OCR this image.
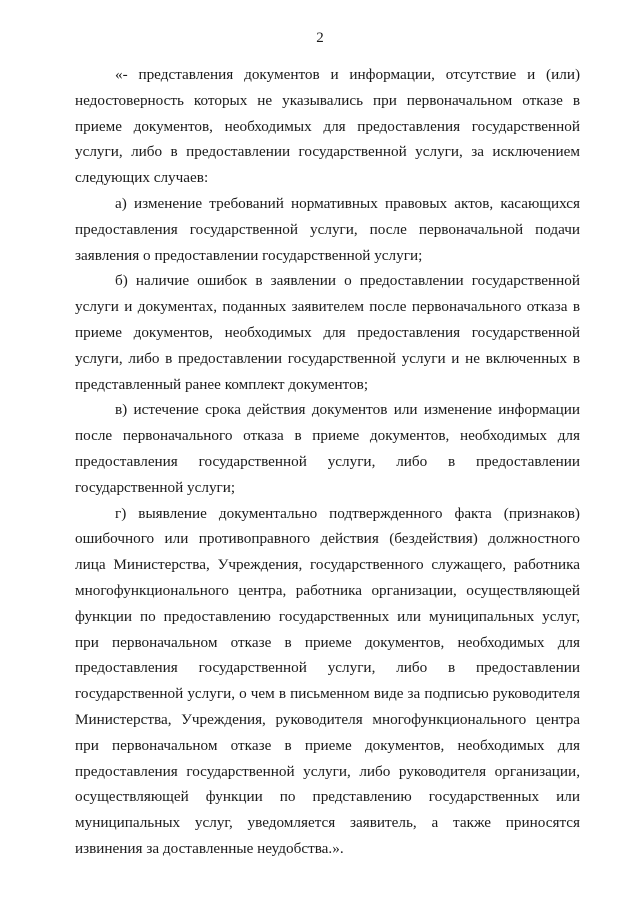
2

«- представления документов и информации, отсутствие и (или) недостоверность которых не указывались при первоначальном отказе в приеме документов, необходимых для предоставления государственной услуги, либо в предоставлении государственной услуги, за исключением следующих случаев:

а) изменение требований нормативных правовых актов, касающихся предоставления государственной услуги, после первоначальной подачи заявления о предоставлении государственной услуги;

б) наличие ошибок в заявлении о предоставлении государственной услуги и документах, поданных заявителем после первоначального отказа в приеме документов, необходимых для предоставления государственной услуги, либо в предоставлении государственной услуги и не включенных в представленный ранее комплект документов;

в) истечение срока действия документов или изменение информации после первоначального отказа в приеме документов, необходимых для предоставления государственной услуги, либо в предоставлении государственной услуги;

г) выявление документально подтвержденного факта (признаков) ошибочного или противоправного действия (бездействия) должностного лица Министерства, Учреждения, государственного служащего, работника многофункционального центра, работника организации, осуществляющей функции по предоставлению государственных или муниципальных услуг, при первоначальном отказе в приеме документов, необходимых для предоставления государственной услуги, либо в предоставлении государственной услуги, о чем в письменном виде за подписью руководителя Министерства, Учреждения, руководителя многофункционального центра при первоначальном отказе в приеме документов, необходимых для предоставления государственной услуги, либо руководителя организации, осуществляющей функции по представлению государственных или муниципальных услуг, уведомляется заявитель, а также приносятся извинения за доставленные неудобства.».
